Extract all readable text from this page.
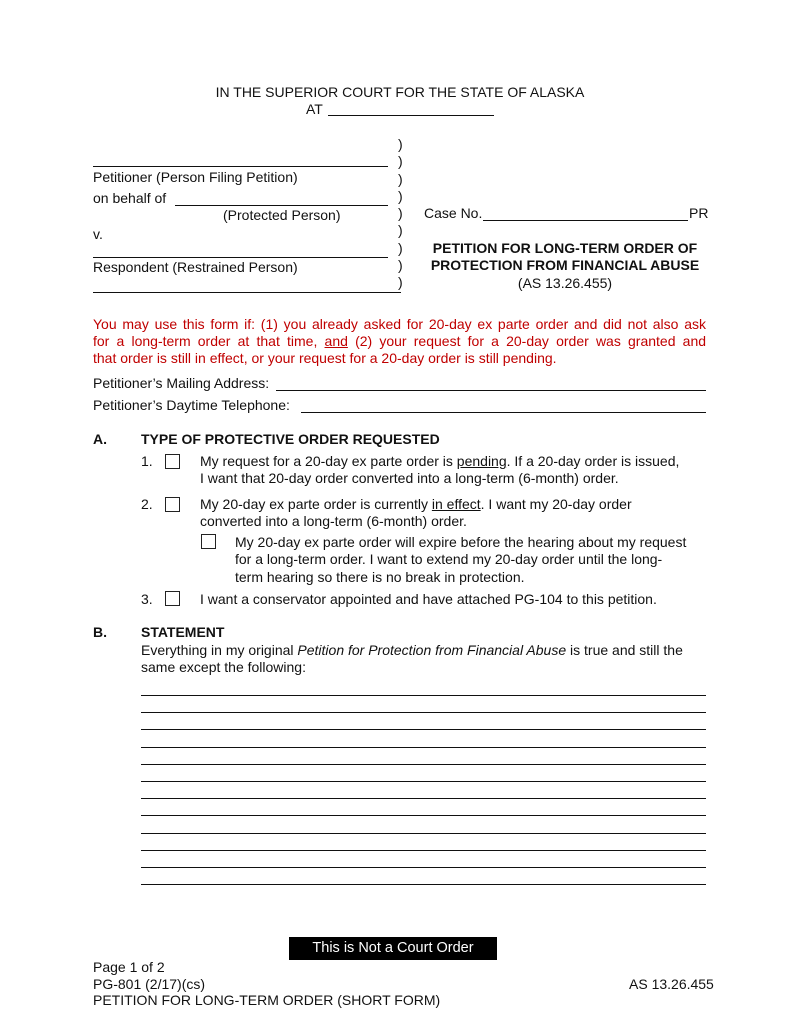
IN THE SUPERIOR COURT FOR THE STATE OF ALASKA
AT
Petitioner (Person Filing Petition)
on behalf of
(Protected Person)
v.
Respondent (Restrained Person)
)
)
)
)
)
)
)
)
)
Case No.	PR
PETITION FOR LONG-TERM ORDER OF
PROTECTION FROM FINANCIAL ABUSE
(AS 13.26.455)
You may use this form if: (1) you already asked for 20-day ex parte order and did not also ask
for a long-term order at that time, and (2) your request for a 20-day order was granted and
that order is still in effect, or your request for a 20-day order is still pending.
Petitioner’s Mailing Address:
Petitioner’s Daytime Telephone:
A. TYPE OF PROTECTIVE ORDER REQUESTED
1.	My request for a 20-day ex parte order is pending. If a 20-day order is issued,
I want that 20-day order converted into a long-term (6-month) order.
2.	My 20-day ex parte order is currently in effect. I want my 20-day order
converted into a long-term (6-month) order.
My 20-day ex parte order will expire before the hearing about my request
for a long-term order. I want to extend my 20-day order until the long-
term hearing so there is no break in protection.
3.	I want a conservator appointed and have attached PG-104 to this petition.
B. STATEMENT
Everything in my original Petition for Protection from Financial Abuse is true and still the
same except the following:
This is Not a Court Order
Page 1 of 2
PG-801 (2/17)(cs)
PETITION FOR LONG-TERM ORDER (SHORT FORM)
AS 13.26.455
